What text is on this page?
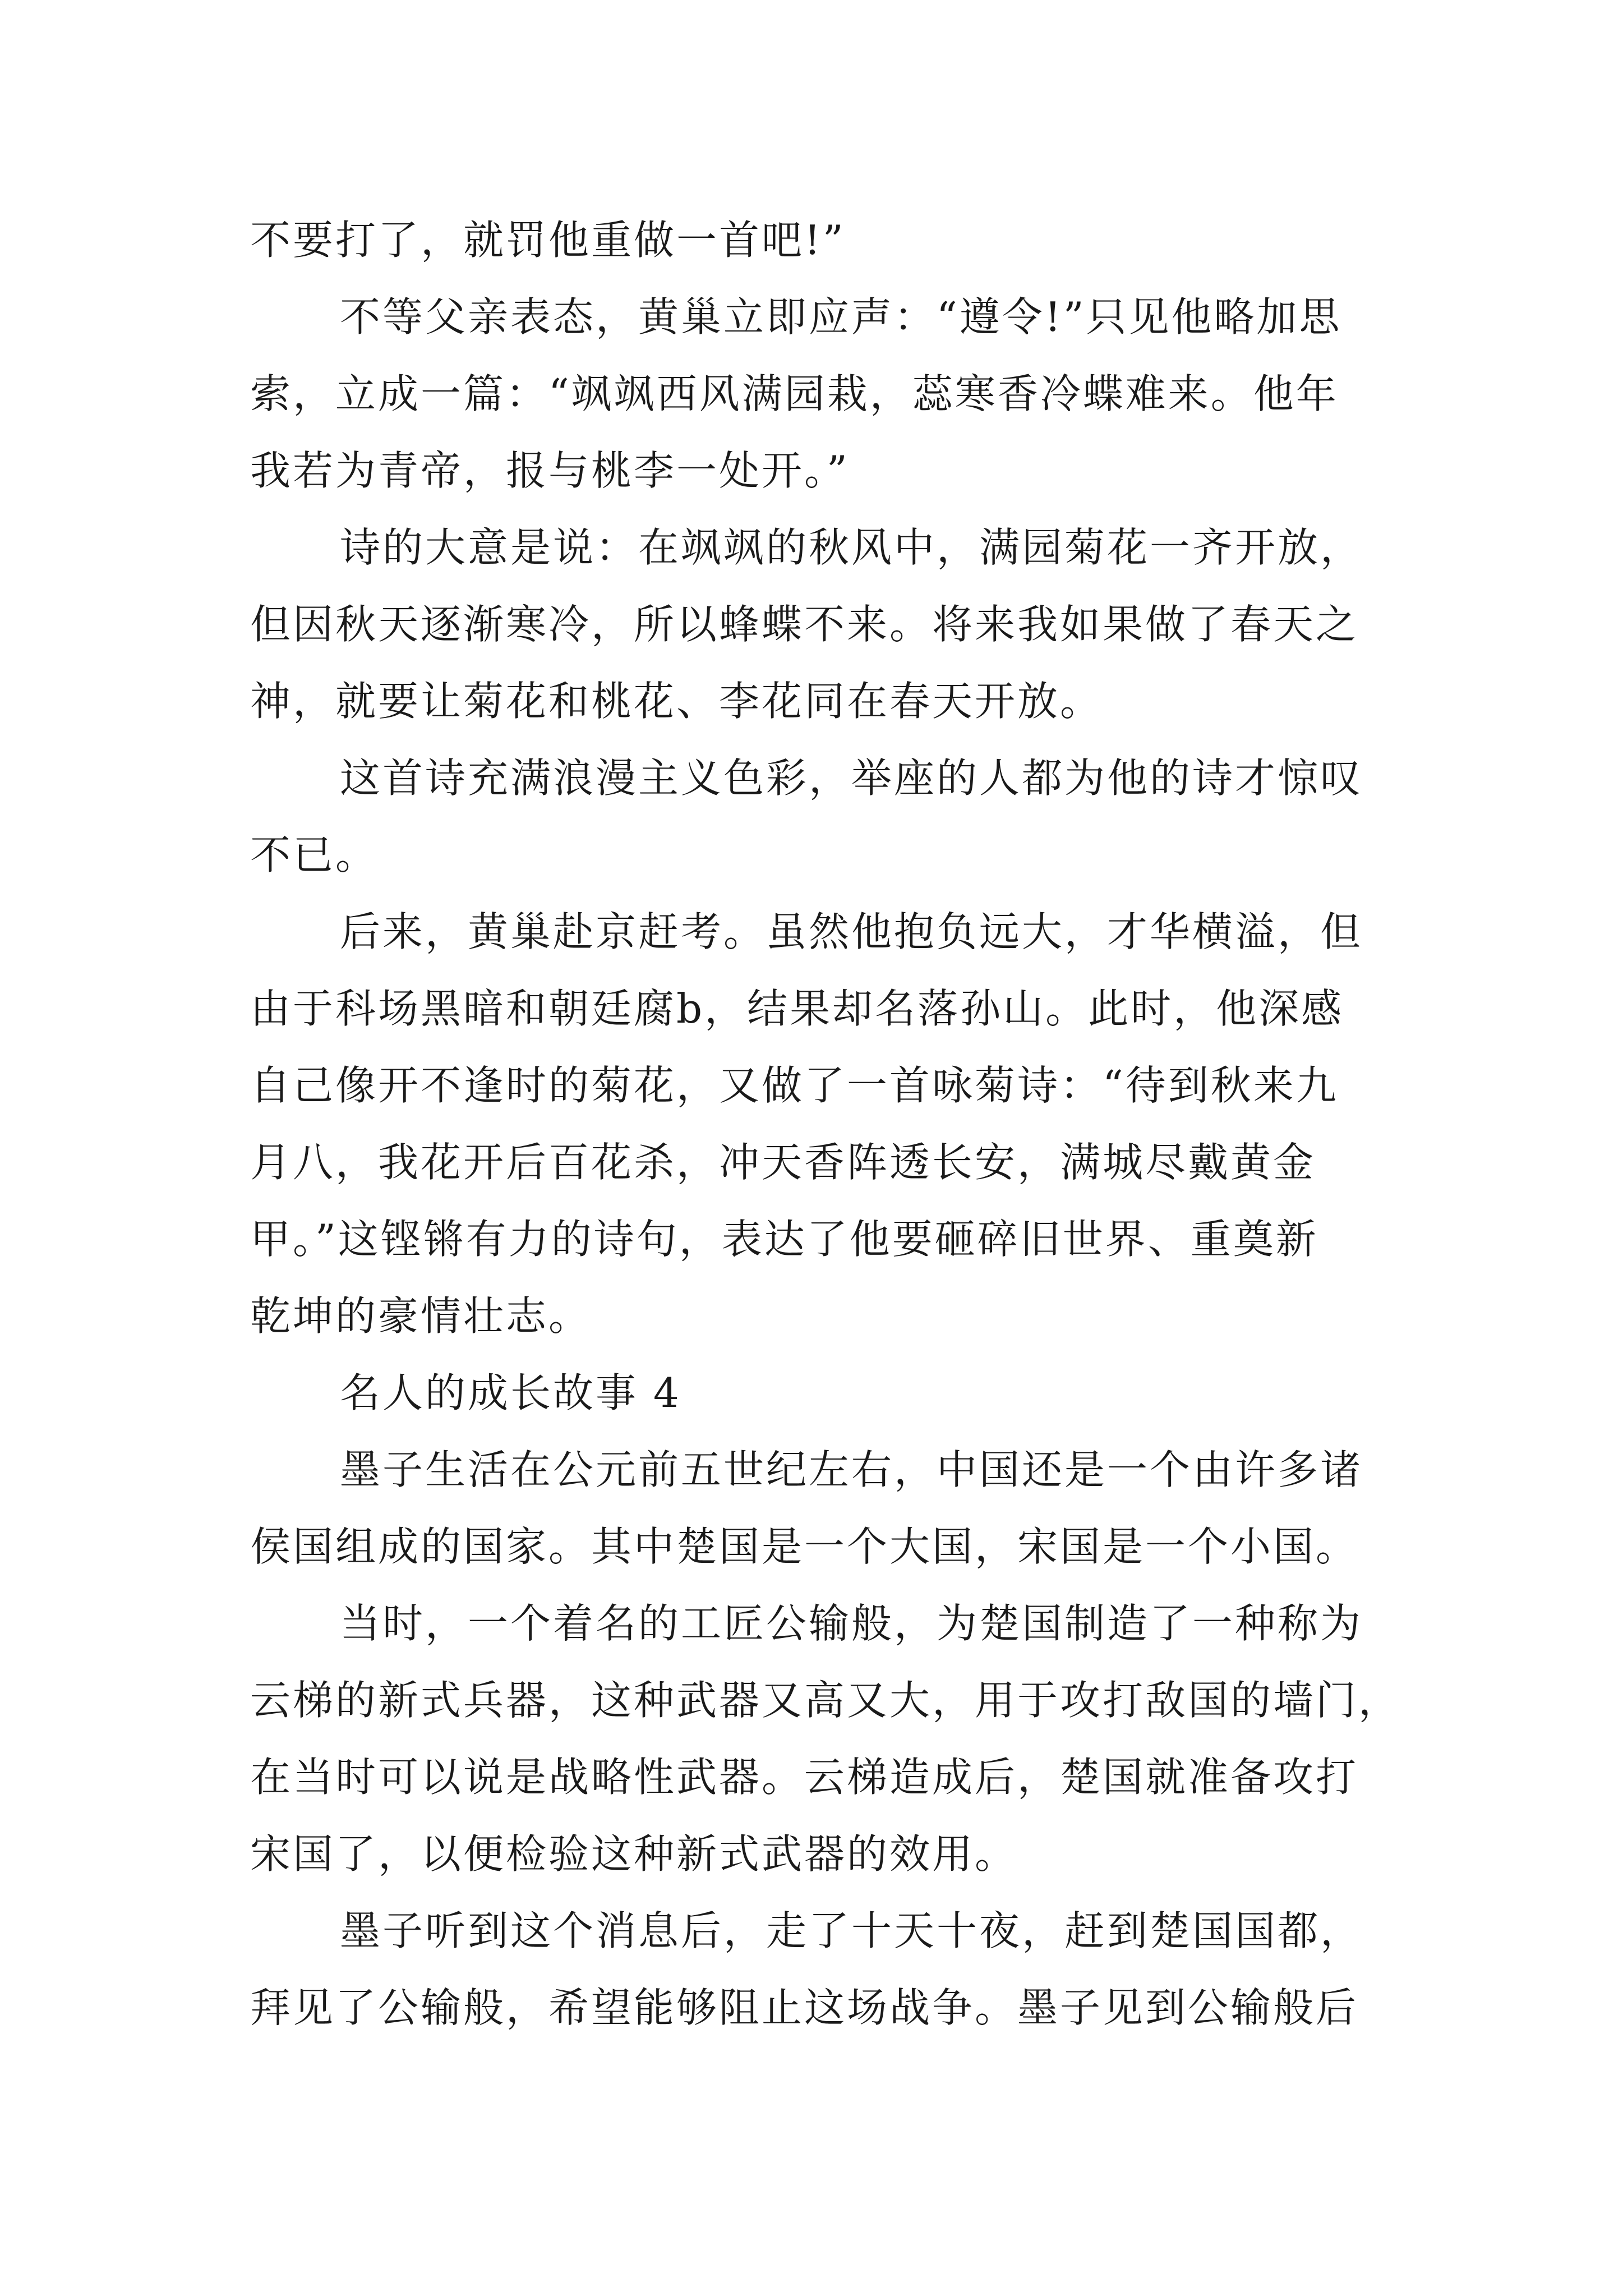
不要打了，就罚他重做一首吧!”
不等父亲表态，黄巢立即应声：“遵令!”只见他略加思
索，立成一篇：“飒飒西风满园栽，蕊寒香冷蝶难来。他年
我若为青帝，报与桃李一处开。”
诗的大意是说：在飒飒的秋风中，满园菊花一齐开放，
但因秋天逐渐寒冷，所以蜂蝶不来。将来我如果做了春天之
神，就要让菊花和桃花、李花同在春天开放。
这首诗充满浪漫主义色彩，举座的人都为他的诗才惊叹
不已。
后来，黄巢赴京赶考。虽然他抱负远大，才华横溢，但
由于科场黑暗和朝廷腐b，结果却名落孙山。此时，他深感
自己像开不逢时的菊花，又做了一首咏菊诗：“待到秋来九
月八，我花开后百花杀，冲天香阵透长安，满城尽戴黄金
甲。”这铿锵有力的诗句，表达了他要砸碎旧世界、重奠新
乾坤的豪情壮志。
名人的成长故事 4
墨子生活在公元前五世纪左右，中国还是一个由许多诸
侯国组成的国家。其中楚国是一个大国，宋国是一个小国。
当时，一个着名的工匠公输般，为楚国制造了一种称为
云梯的新式兵器，这种武器又高又大，用于攻打敌国的墙门，
在当时可以说是战略性武器。云梯造成后，楚国就准备攻打
宋国了，以便检验这种新式武器的效用。
墨子听到这个消息后，走了十天十夜，赶到楚国国都，
拜见了公输般，希望能够阻止这场战争。墨子见到公输般后
